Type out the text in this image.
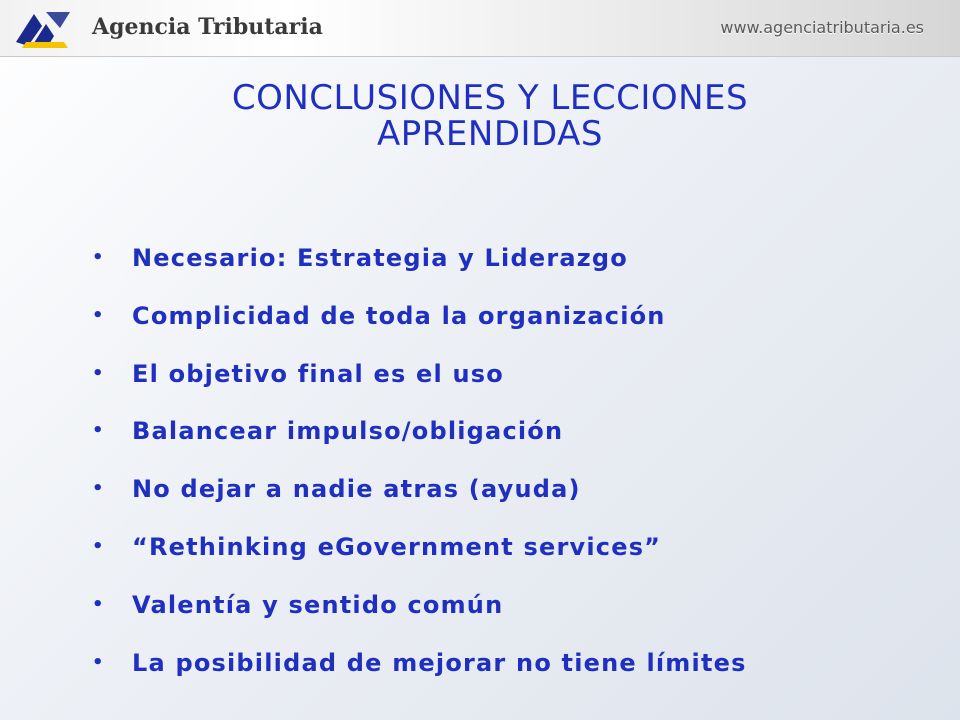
Agencia Tributaria	www.agenciatributaria.es
CONCLUSIONES Y LECCIONES APRENDIDAS
• Necesario: Estrategia y Liderazgo
• Complicidad de toda la organización
• El objetivo final es el uso
• Balancear impulso/obligación
• No dejar a nadie atras (ayuda)
• “Rethinking eGovernment services”
• Valentía y sentido común
• La posibilidad de mejorar no tiene límites
